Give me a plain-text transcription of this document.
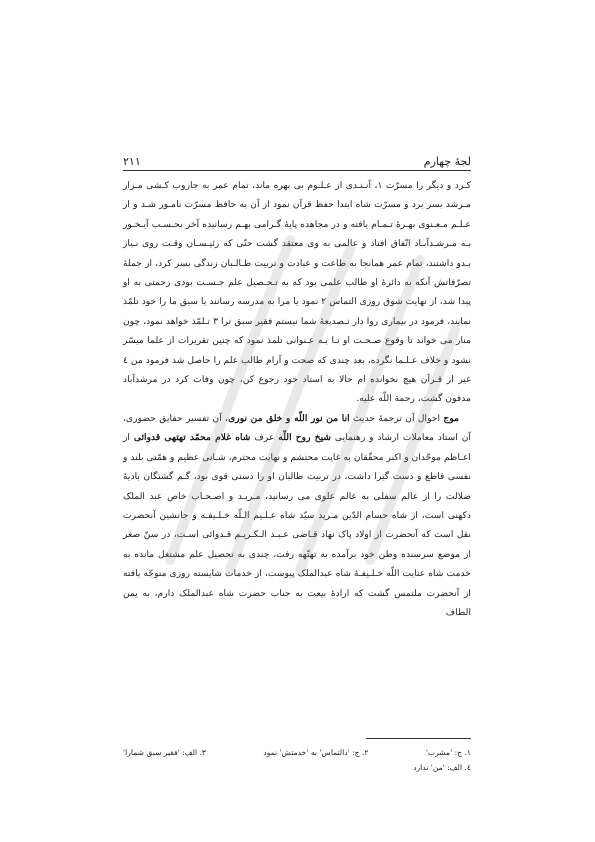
لجهٔ چهارم
۲۱۱

کـرد و دیگر را مسرّت ۱، آنـنـدی از عـلـوم بی بهره ماند، تمام عمر به جاروب کـشی مـزار مـرشد بسر برد و مسرّت شاه ابتدا حفظ قرآن نمود از آن به حافظ مسرّت نامـور شـد و از عـلـم مـعـنوی بهـرهٔ تـمـام یافته و در مجاهده پایهٔ گـرامی بهـم رسانیده آخر بحـسـب آیـخـور بـه مـرشـدآبـاد اتّفاق افتاد و عالمی به وی معتقد گشت حتّی که رئیـسـان وقـت روی نـیاز بـدو داشتند، تمام عمر همانجا به طاعت و عبادت و تربیت طـالـبان زندگی بسر کرد، از جملهٔ تصرّفاتش آنکه به دائرهٔ او طالب علمی بود که به تـحـصیل علم جـسـت بودی زحمتی به او پیدا شد، از نهایت شوق روزی التماس ۲ نمود یا مرا به مدرسه رسانند یا سبق ما را خود تلمّذ نمایند، فرمود در بیماری روا دار تـصدیعهٔ شما نیستم فقیر سبق ترا ۳ تـلمّذ خواهد نمود، چون منار می خواند تا وقوع صـحـت او تـا بـه عـنوانی تلمذ نمود که چنین تقریرات از علما میسّر نشود و خلاف عـلـما نگرده، بعد چندی که صحت و آرام طالب علم را حاصل شد فرمود من ٤ غیر از قـرآن هیچ نخوانده ام حالا به استاد خود رجوع کن، چون وفات کرد در مرشدآباد مدفون گشت، رحمة اللّه علیه.

موج احوال آن ترجمهٔ حدیث انا من نور اللّه و خلق من نوری، آن تفسیر حقایق حضوری، آن استاد معاملات ارشاد و رهنمایی شیخ روح اللّه عرف شاه غلام محمّد تهتهی قدوائی از اعـاظم موحّدان و اکبر محقّقان به غایت محتشم و نهایت محترم، شـانی عظیم و همّتی بلند و نفسی قاطع و دست گیرا داشت، در تربیت طالبان او را دستی قوی بود، گـم گشتگان بادیهٔ ضلالت را از عالم سفلی به عالم علوی می رسانید، مـریـد و اصـحـاب خاص عبد الملک دکهنی است، از شاه حسام الدّین مـرید سیّد شاه عـلـیم الـلّه خـلـیفـه و جانشین آنحضرت نقل است که آنحضرت از اولاد پاک نهاد قـاضی عـبـد الـکـریـم قـدوائی اسـت، در سنّ صغر از موضع سرسنده وطن خود برآمده به تهتّهه رفت، چندی به تحصیل علم مشتغل مانده به خدمت شاه عنایت اللّه خـلـیفـهٔ شاه عبدالملک پیوست، از خدمات شایسته روزی متوجّه یافته از آنحضرت ملتمس گشت که ارادهٔ بیعت به جناب حضرت شاه عبدالملک دارم، به یمن الطاف

۱. ج: 'مشرب'
۲. ج: 'دالتماس' به 'خدمتش' نمود
۳. الف: 'فقیر سبق شمارا'
٤. الف: 'من' ندارد
